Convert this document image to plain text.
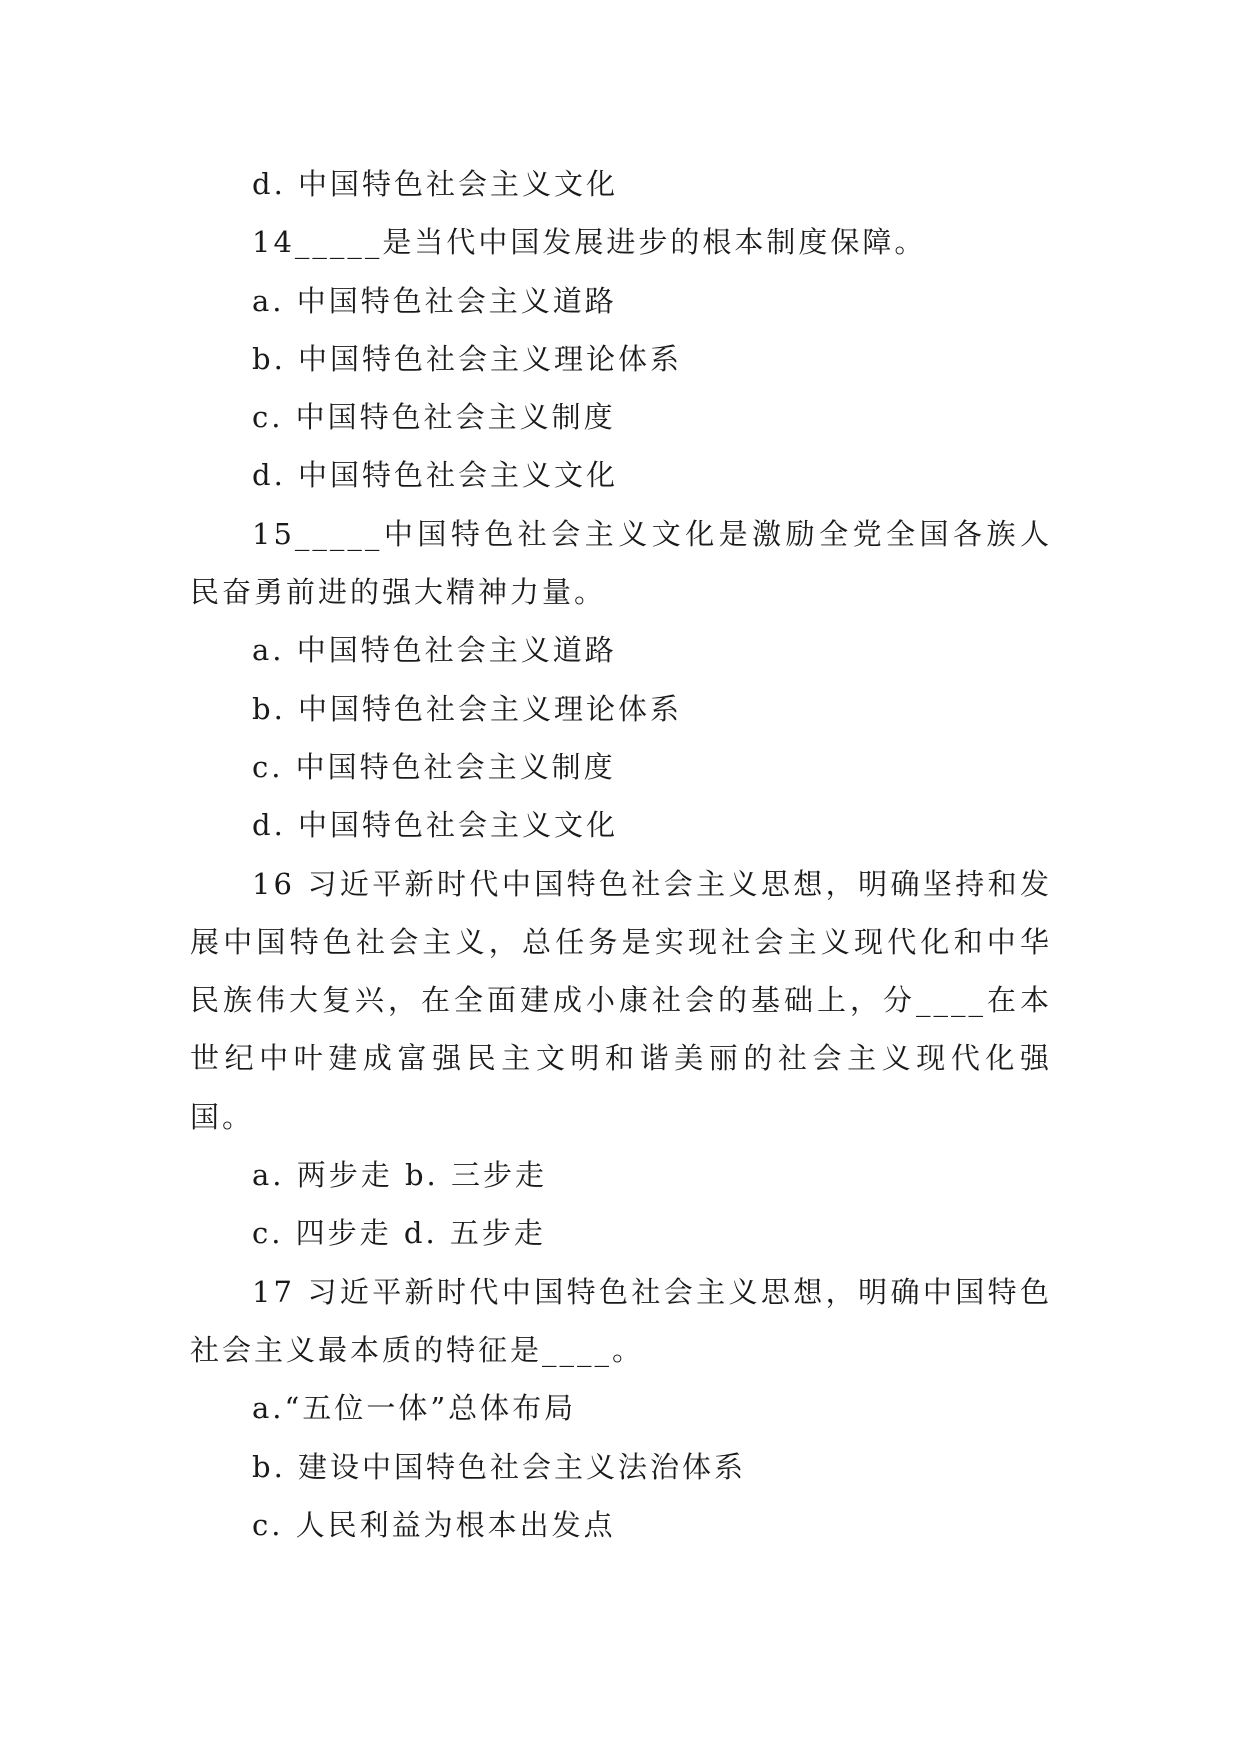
d. 中国特色社会主义文化
14_____是当代中国发展进步的根本制度保障。
a. 中国特色社会主义道路
b. 中国特色社会主义理论体系
c. 中国特色社会主义制度
d. 中国特色社会主义文化

15_____中国特色社会主义文化是激励全党全国各族人民奋勇前进的强大精神力量。

a. 中国特色社会主义道路
b. 中国特色社会主义理论体系
c. 中国特色社会主义制度
d. 中国特色社会主义文化

16 习近平新时代中国特色社会主义思想，明确坚持和发展中国特色社会主义，总任务是实现社会主义现代化和中华民族伟大复兴，在全面建成小康社会的基础上，分____在本世纪中叶建成富强民主文明和谐美丽的社会主义现代化强国。

a. 两步走 b. 三步走
c. 四步走 d. 五步走

17 习近平新时代中国特色社会主义思想，明确中国特色社会主义最本质的特征是____。

a.“五位一体”总体布局
b. 建设中国特色社会主义法治体系
c. 人民利益为根本出发点
